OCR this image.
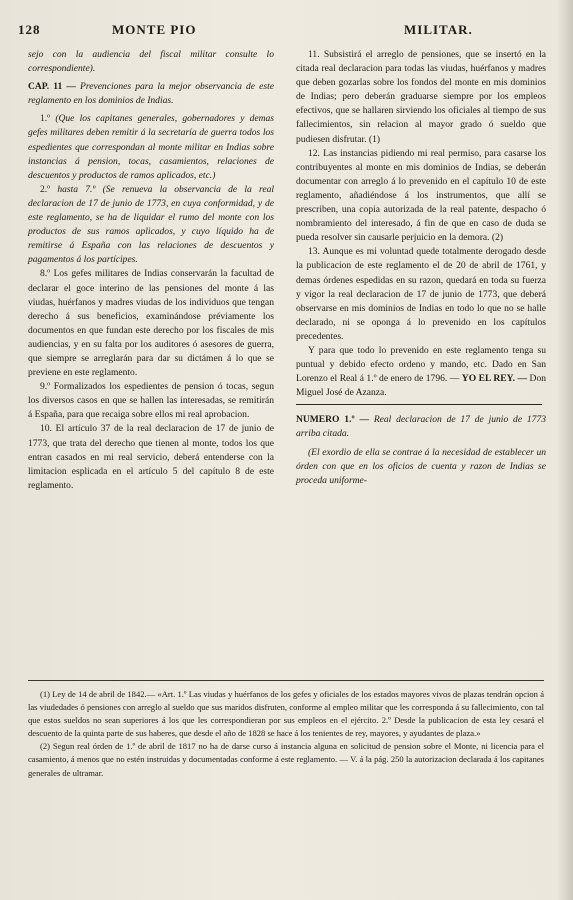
128	MONTE PIO	MILITAR.

sejo con la audiencia del fiscal militar consulte lo correspondiente).

CAP. 11 — Prevenciones para la mejor observancia de este reglamento en los dominios de Indias.

1.º (Que los capitanes generales, gobernadores y demas gefes militares deben remitir á la secretaría de guerra todos los espedientes que correspondan al monte militar en Indias sobre instancias á pension, tocas, casamientos, relaciones de descuentos y productos de ramos aplicados, etc.)

2.º hasta 7.º (Se renueva la observancia de la real declaracion de 17 de junio de 1773, en cuya conformidad, y de este reglamento, se ha de liquidar el rumo del monte con los productos de sus ramos aplicados, y cuyo líquido ha de remitirse á España con las relaciones de descuentos y pagamentos á los partícipes.

8.º Los gefes militares de Indias conservarán la facultad de declarar el goce interino de las pensiones del monte á las viudas, huérfanos y madres viudas de los individuos que tengan derecho á sus beneficios, examinándose préviamente los documentos en que fundan este derecho por los fiscales de mis audiencias, y en su falta por los auditores ó asesores de guerra, que siempre se arreglarán para dar su dictámen á lo que se previene en este reglamento.

9.º Formalizados los espedientes de pension ó tocas, segun los diversos casos en que se hallen las interesadas, se remitirán á España, para que recaiga sobre ellos mi real aprobacion.

10. El artículo 37 de la real declaracion de 17 de junio de 1773, que trata del derecho que tienen al monte, todos los que entran casados en mi real servicio, deberá entenderse con la limitacion esplicada en el artículo 5 del capítulo 8 de este reglamento.

11. Subsistirá el arreglo de pensiones, que se insertó en la citada real declaracion para todas las viudas, huérfanos y madres que deben gozarlas sobre los fondos del monte en mis dominios de Indias; pero deberán graduarse siempre por los empleos efectivos, que se hallaren sirviendo los oficiales al tiempo de sus fallecimientos, sin relacion al mayor grado ó sueldo que pudiesen disfrutar. (1)

12. Las instancias pidiendo mi real permiso, para casarse los contribuyentes al monte en mis dominios de Indias, se deberán documentar con arreglo á lo prevenido en el capítulo 10 de este reglamento, añadiéndose á los instrumentos, que allí se prescriben, una copia autorizada de la real patente, despacho ó nombramiento del interesado, á fin de que en caso de duda se pueda resolver sin causarle perjuicio en la demora. (2)

13. Aunque es mi voluntad quede totalmente derogado desde la publicacion de este reglamento el de 20 de abril de 1761, y demas órdenes espedidas en su razon, quedará en toda su fuerza y vigor la real declaracion de 17 de junio de 1773, que deberá observarse en mis dominios de Indias en todo lo que no se halle declarado, ni se oponga á lo prevenido en los capítulos precedentes.

Y para que todo lo prevenido en este reglamento tenga su puntual y debido efecto ordeno y mando, etc. Dado en San Lorenzo el Real á 1.º de enero de 1796. — YO EL REY. — Don Miguel José de Azanza.

NUMERO 1.º — Real declaracion de 17 de junio de 1773 arriba citada.

(El exordio de ella se contrae á la necesidad de establecer un órden con que en los oficios de cuenta y razon de Indias se proceda uniforme-

(1) Ley de 14 de abril de 1842.— «Art. 1.º Las viudas y huérfanos de los gefes y oficiales de los estados mayores vivos de plazas tendrán opcion á las viudedades ó pensiones con arreglo al sueldo que sus maridos disfruten, conforme al empleo militar que les corresponda á su fallecimiento, con tal que estos sueldos no sean superiores á los que les correspondieran por sus empleos en el ejército. 2.º Desde la publicacion de esta ley cesará el descuento de la quinta parte de sus haberes, que desde el año de 1828 se hace á los tenientes de rey, mayores, y ayudantes de plaza.»

(2) Segun real órden de 1.º de abril de 1817 no ha de darse curso á instancia alguna en solicitud de pension sobre el Monte, ni licencia para el casamiento, á menos que no estén instruidas y documentadas conforme á este reglamento. — V. á la pág. 250 la autorizacion declarada á los capitanes generales de ultramar.
